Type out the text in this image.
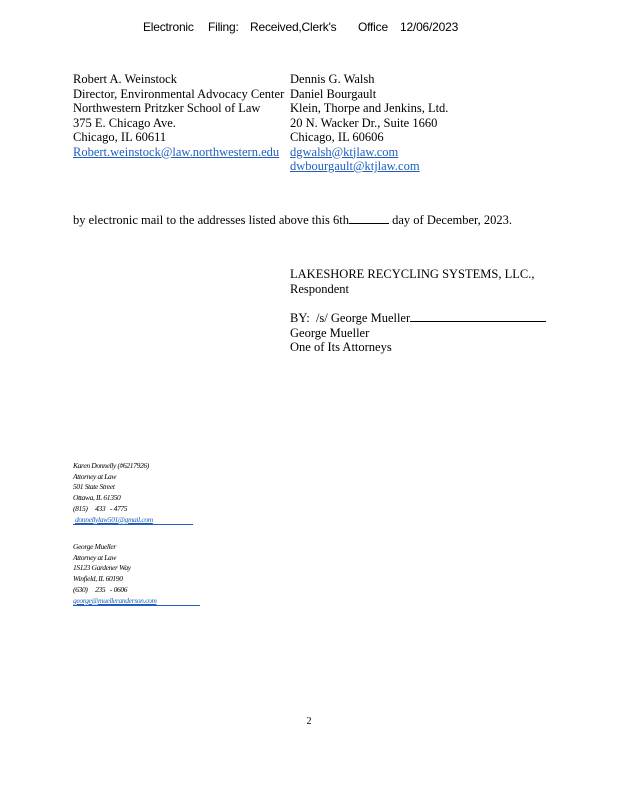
Electronic Filing: Received,Clerk's Office 12/06/2023
Robert A. Weinstock
Director, Environmental Advocacy Center
Northwestern Pritzker School of Law
375 E. Chicago Ave.
Chicago, IL 60611
Robert.weinstock@law.northwestern.edu
Dennis G. Walsh
Daniel Bourgault
Klein, Thorpe and Jenkins, Ltd.
20 N. Wacker Dr., Suite 1660
Chicago, IL 60606
dgwalsh@ktjlaw.com
dwbourgault@ktjlaw.com
by electronic mail to the addresses listed above this 6th	day of December, 2023.
LAKESHORE RECYCLING SYSTEMS, LLC.,
Respondent
BY: /s/ George Mueller
George Mueller
One of Its Attorneys
Karen Donnelly (#6217926)
Attorney at Law
501 State Street
Ottawa, IL 61350
(815)     433   - 4775
donnellylaw501@gmail.com
George Mueller
Attorney at Law
1S123 Gardener Way
Winfield, IL 60190
(630)     235   - 0606
george@muelleranderson.com
2
